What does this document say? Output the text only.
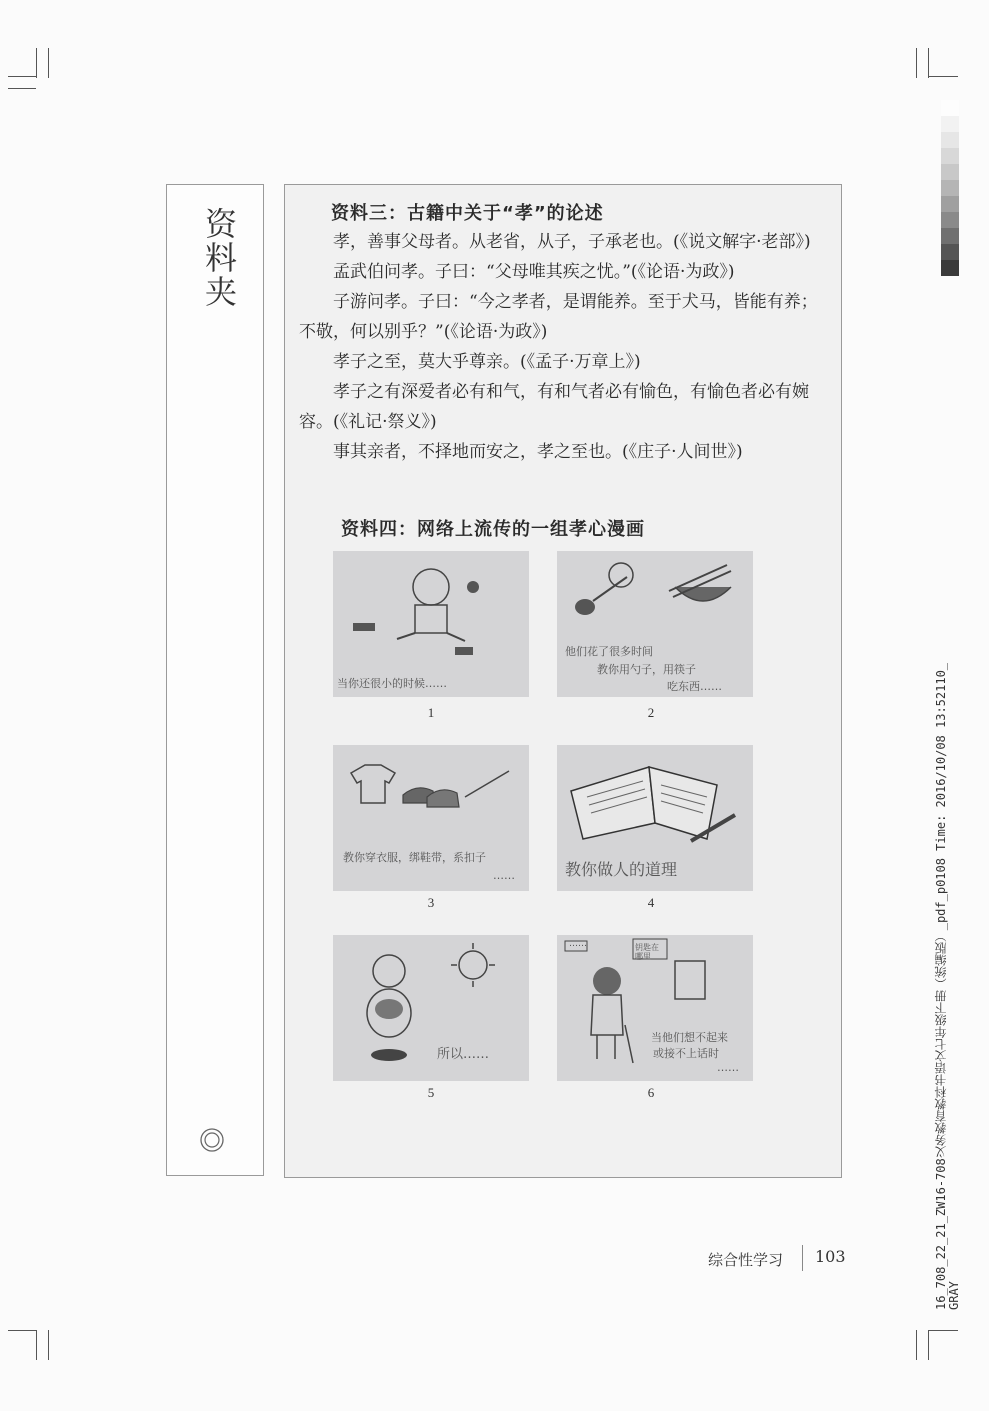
资料夹	资料三：古籍中关于“孝”的论述
孝，善事父母者。从老省，从子，子承老也。(《说文解字·老部》)
孟武伯问孝。子曰：“父母唯其疾之忧。”(《论语·为政》)
子游问孝。子曰：“今之孝者，是谓能养。至于犬马，皆能有养；不敬，何以别乎？”(《论语·为政》)
孝子之至，莫大乎尊亲。(《孟子·万章上》)
孝子之有深爱者必有和气，有和气者必有愉色，有愉色者必有婉容。(《礼记·祭义》)
事其亲者，不择地而安之，孝之至也。(《庄子·人间世》)
资料四：网络上流传的一组孝心漫画
当你还很小的时候……
1
他们花了很多时间
教你用勺子，用筷子
吃东西……
2
教你穿衣服，绑鞋带，系扣子
……
3
教你做人的道理
4
所以……
5
……	钥匙在哪里
当他们想不起来
或接不上话时
……
6
综合性学习 103	16_708_22_21_ZW16-708义务教育教科书语文七年级下册（统编版）_pdf_p0108 Time: 2016/10/08 13:52110_ GRAY
